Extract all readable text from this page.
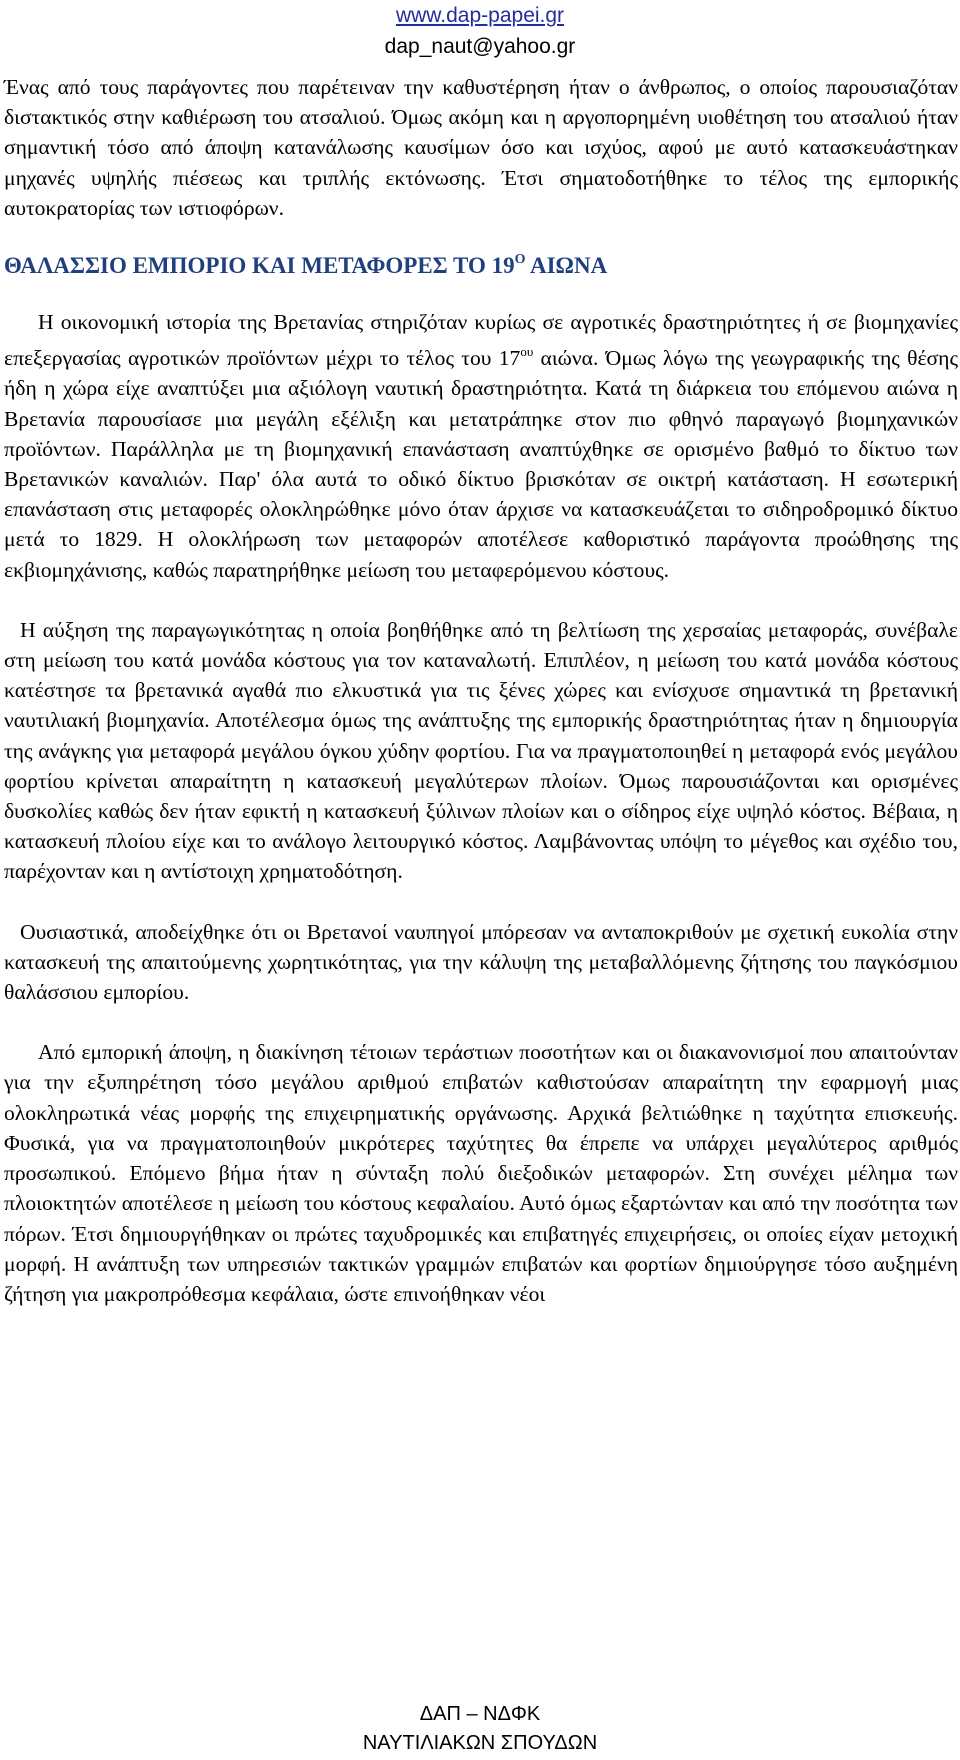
www.dap-papei.gr
dap_naut@yahoo.gr

Ένας από τους παράγοντες που παρέτειναν την καθυστέρηση ήταν ο άνθρωπος, ο οποίος παρουσιαζόταν διστακτικός στην καθιέρωση του ατσαλιού. Όμως ακόμη και η αργοπορημένη υιοθέτηση του ατσαλιού ήταν σημαντική τόσο από άποψη κατανάλωσης καυσίμων όσο και ισχύος, αφού με αυτό κατασκευάστηκαν μηχανές υψηλής πιέσεως και τριπλής εκτόνωσης. Έτσι σηματοδοτήθηκε το τέλος της εμπορικής αυτοκρατορίας των ιστιοφόρων.

ΘΑΛΑΣΣΙΟ ΕΜΠΟΡΙΟ ΚΑΙ ΜΕΤΑΦΟΡΕΣ ΤΟ $19^O$ ΑΙΩΝΑ

Η οικονομική ιστορία της Βρετανίας στηριζόταν κυρίως σε αγροτικές δραστηριότητες ή σε βιομηχανίες επεξεργασίας αγροτικών προϊόντων μέχρι το τέλος του $17^{o\upsilon}$ αιώνα. Όμως λόγω της γεωγραφικής της θέσης ήδη η χώρα είχε αναπτύξει μια αξιόλογη ναυτική δραστηριότητα. Κατά τη διάρκεια του επόμενου αιώνα η Βρετανία παρουσίασε μια μεγάλη εξέλιξη και μετατράπηκε στον πιο φθηνό παραγωγό βιομηχανικών προϊόντων. Παράλληλα με τη βιομηχανική επανάσταση αναπτύχθηκε σε ορισμένο βαθμό το δίκτυο των Βρετανικών καναλιών. Παρ' όλα αυτά το οδικό δίκτυο βρισκόταν σε οικτρή κατάσταση. Η εσωτερική επανάσταση στις μεταφορές ολοκληρώθηκε μόνο όταν άρχισε να κατασκευάζεται το σιδηροδρομικό δίκτυο μετά το 1829. Η ολοκλήρωση των μεταφορών αποτέλεσε καθοριστικό παράγοντα προώθησης της εκβιομηχάνισης, καθώς παρατηρήθηκε μείωση του μεταφερόμενου κόστους.

Η αύξηση της παραγωγικότητας η οποία βοηθήθηκε από τη βελτίωση της χερσαίας μεταφοράς, συνέβαλε στη μείωση του κατά μονάδα κόστους για τον καταναλωτή. Επιπλέον, η μείωση του κατά μονάδα κόστους κατέστησε τα βρετανικά αγαθά πιο ελκυστικά για τις ξένες χώρες και ενίσχυσε σημαντικά τη βρετανική ναυτιλιακή βιομηχανία. Αποτέλεσμα όμως της ανάπτυξης της εμπορικής δραστηριότητας ήταν η δημιουργία της ανάγκης για μεταφορά μεγάλου όγκου χύδην φορτίου. Για να πραγματοποιηθεί η μεταφορά ενός μεγάλου φορτίου κρίνεται απαραίτητη η κατασκευή μεγαλύτερων πλοίων. Όμως παρουσιάζονται και ορισμένες δυσκολίες καθώς δεν ήταν εφικτή η κατασκευή ξύλινων πλοίων και ο σίδηρος είχε υψηλό κόστος. Βέβαια, η κατασκευή πλοίου είχε και το ανάλογο λειτουργικό κόστος. Λαμβάνοντας υπόψη το μέγεθος και σχέδιο του, παρέχονταν και η αντίστοιχη χρηματοδότηση.

Ουσιαστικά, αποδείχθηκε ότι οι Βρετανοί ναυπηγοί μπόρεσαν να ανταποκριθούν με σχετική ευκολία στην κατασκευή της απαιτούμενης χωρητικότητας, για την κάλυψη της μεταβαλλόμενης ζήτησης του παγκόσμιου θαλάσσιου εμπορίου.

Από εμπορική άποψη, η διακίνηση τέτοιων τεράστιων ποσοτήτων και οι διακανονισμοί που απαιτούνταν για την εξυπηρέτηση τόσο μεγάλου αριθμού επιβατών καθιστούσαν απαραίτητη την εφαρμογή μιας ολοκληρωτικά νέας μορφής της επιχειρηματικής οργάνωσης. Αρχικά βελτιώθηκε η ταχύτητα επισκευής. Φυσικά, για να πραγματοποιηθούν μικρότερες ταχύτητες θα έπρεπε να υπάρχει μεγαλύτερος αριθμός προσωπικού. Επόμενο βήμα ήταν η σύνταξη πολύ διεξοδικών μεταφορών. Στη συνέχει μέλημα των πλοιοκτητών αποτέλεσε η μείωση του κόστους κεφαλαίου. Αυτό όμως εξαρτώνταν και από την ποσότητα των πόρων. Έτσι δημιουργήθηκαν οι πρώτες ταχυδρομικές και επιβατηγές επιχειρήσεις, οι οποίες είχαν μετοχική μορφή. Η ανάπτυξη των υπηρεσιών τακτικών γραμμών επιβατών και φορτίων δημιούργησε τόσο αυξημένη ζήτηση για μακροπρόθεσμα κεφάλαια, ώστε επινοήθηκαν νέοι

ΔΑΠ – ΝΔΦΚ
ΝΑΥΤΙΛΙΑΚΩΝ ΣΠΟΥΔΩΝ
